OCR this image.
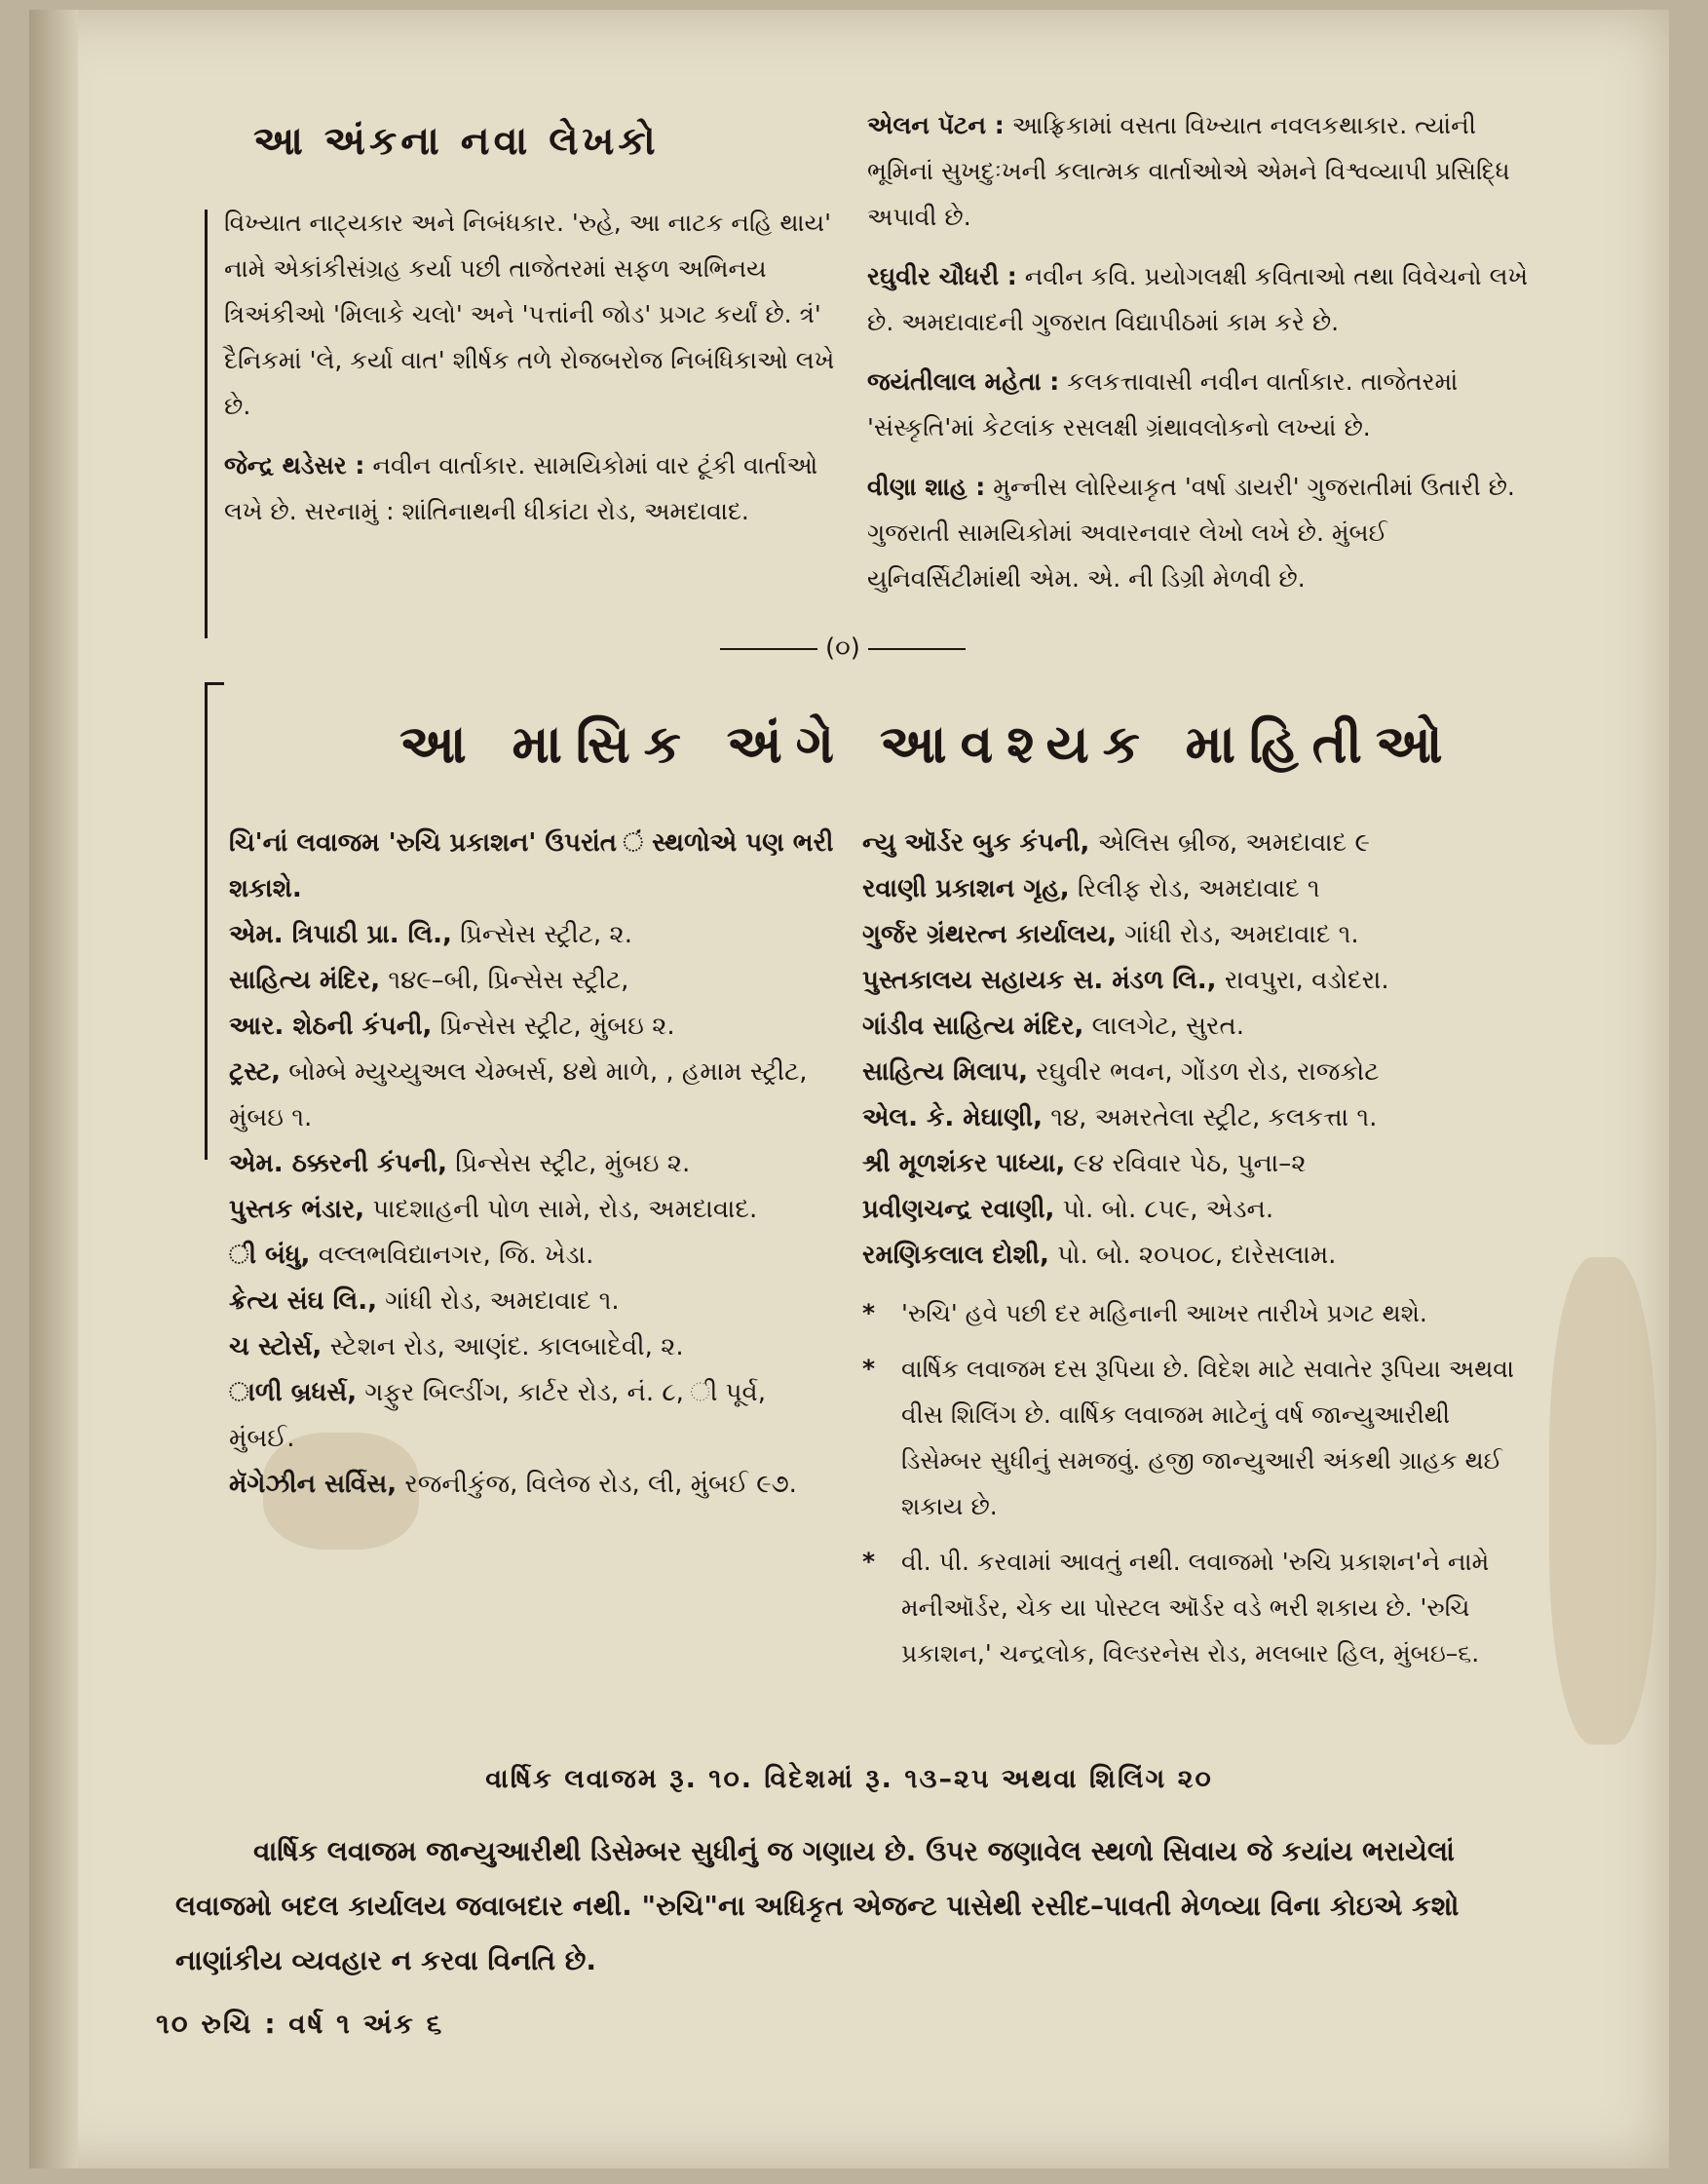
આ અંકના નવા લેખકો

વિખ્યાત નાટ્યકાર અને નિબંધકાર. 'રુહે, આ નાટક નહિ થાય' નામે એકાંકીસંગ્રહ કર્યા પછી તાજેતરમાં સફળ અભિનય ત્રિઅંકીઓ 'મિલાકે ચલો' અને 'પત્તાંની જોડ' પ્રગટ કર્યાં છે. ત્રં' દૈનિકમાં 'લે, કર્યા વાત' શીર્ષક તળે રોજબરોજ નિબંધિકાઓ લખે છે.

જેન્દ્ર થડેસર : નવીન વાર્તાકાર. સામયિકોમાં વાર ટૂંકી વાર્તાઓ લખે છે. સરનામું : શાંતિનાથની ધીકાંટા રોડ, અમદાવાદ.

એલન પૅટન : આફ્રિકામાં વસતા વિખ્યાત નવલકથાકાર. ત્યાંની ભૂમિનાં સુખદુઃખની કલાત્મક વાર્તાઓએ એમને વિશ્વવ્યાપી પ્રસિદ્ધિ અપાવી છે.

રઘુવીર ચૌધરી : નવીન કવિ. પ્રયોગલક્ષી કવિતાઓ તથા વિવેચનો લખે છે. અમદાવાદની ગુજરાત વિદ્યાપીઠમાં કામ કરે છે.

જયંતીલાલ મહેતા : કલકત્તાવાસી નવીન વાર્તાકાર. તાજેતરમાં 'સંસ્કૃતિ'માં કેટલાંક રસલક્ષી ગ્રંથાવલોકનો લખ્યાં છે.

વીણા શાહ : મુન્નીસ લોરિયાકૃત 'વર્ષા ડાયરી' ગુજરાતીમાં ઉતારી છે. ગુજરાતી સામયિકોમાં અવારનવાર લેખો લખે છે. મુંબઈ યુનિવર્સિટીમાંથી એમ. એ. ની ડિગ્રી મેળવી છે.

(૦)
આ માસિક અંગે આવશ્યક માહિતીઓ

ચિ'નાં લવાજમ 'રુચિ પ્રકાશન' ઉપરાંત ં સ્થળોએ પણ ભરી શકાશે.

એમ. ત્રિપાઠી પ્રા. લિ., પ્રિન્સેસ સ્ટ્રીટ, ૨.

સાહિત્ય મંદિર, ૧૪૯–બી, પ્રિન્સેસ સ્ટ્રીટ,

આર. શેઠની કંપની, પ્રિન્સેસ સ્ટ્રીટ, મુંબઇ ૨.

ટ્રસ્ટ, બોમ્બે મ્યુચ્યુઅલ ચેમ્બર્સ, ૪થે માળે, , હમામ સ્ટ્રીટ, મુંબઇ ૧.

એમ. ઠક્કરની કંપની, પ્રિન્સેસ સ્ટ્રીટ, મુંબઇ ૨.

પુસ્તક ભંડાર, પાદશાહની પોળ સામે, રોડ, અમદાવાદ.

ી બંધુ, વલ્લભવિદ્યાનગર, જિ. ખેડા.

ક્રેત્ય સંઘ લિ., ગાંધી રોડ, અમદાવાદ ૧.

ચ સ્ટોર્સ, સ્ટેશન રોડ, આણંદ. કાલબાદેવી, ૨.

ાળી બ્રધર્સ, ગફુર બિલ્ડીંગ, કાર્ટર રોડ, નં. ૮, ી પૂર્વ, મુંબઈ.

મૅગેઝીન સર્વિસ, રજનીકુંજ, વિલેજ રોડ, લી, મુંબઈ ૯૭.

ન્યુ ઑર્ડર બુક કંપની, એલિસ બ્રીજ, અમદાવાદ ૯

રવાણી પ્રકાશન ગૃહ, રિલીફ રોડ, અમદાવાદ ૧

ગુર્જર ગ્રંથરત્ન કાર્યાલય, ગાંધી રોડ, અમદાવાદ ૧.

પુસ્તકાલય સહાયક સ. મંડળ લિ., રાવપુરા, વડોદરા.

ગાંડીવ સાહિત્ય મંદિર, લાલગેટ, સુરત.

સાહિત્ય મિલાપ, રઘુવીર ભવન, ગોંડળ રોડ, રાજકોટ

એલ. કે. મેઘાણી, ૧૪, અમરતેલા સ્ટ્રીટ, કલકત્તા ૧.

શ્રી મૂળશંકર પાધ્યા, ૯૪ રવિવાર પેઠ, પુના–૨

પ્રવીણચન્દ્ર રવાણી, પો. બો. ૮૫૯, એડન.

રમણિકલાલ દોશી, પો. બો. ૨૦૫૦૮, દારેસલામ.

*	'રુચિ' હવે પછી દર મહિનાની આખર તારીખે પ્રગટ થશે.
*	વાર્ષિક લવાજમ દસ રૂપિયા છે. વિદેશ માટે સવાતેર રૂપિયા અથવા વીસ શિલિંગ છે. વાર્ષિક લવાજમ માટેનું વર્ષ જાન્યુઆરીથી ડિસેમ્બર સુધીનું સમજવું. હજી જાન્યુઆરી અંકથી ગ્રાહક થઈ શકાય છે.
*	વી. પી. કરવામાં આવતું નથી. લવાજમો 'રુચિ પ્રકાશન'ને નામે મનીઑર્ડર, ચેક યા પોસ્ટલ ઑર્ડર વડે ભરી શકાય છે. 'રુચિ પ્રકાશન,' ચન્દ્રલોક, વિલ્ડરનેસ રોડ, મલબાર હિલ, મુંબઇ–૬.
વાર્ષિક લવાજમ રૂ. ૧૦. વિદેશમાં રૂ. ૧૩–૨૫ અથવા શિલિંગ ૨૦
વાર્ષિક લવાજમ જાન્યુઆરીથી ડિસેમ્બર સુધીનું જ ગણાય છે. ઉપર જણાવેલ સ્થળો સિવાય જે કયાંય ભરાયેલાં લવાજમો બદલ કાર્યાલય જવાબદાર નથી. "રુચિ"ના અધિકૃત એજન્ટ પાસેથી રસીદ–પાવતી મેળવ્યા વિના કોઇએ કશો નાણાંકીય વ્યવહાર ન કરવા વિનતિ છે.
૧૦ રુચિ : વર્ષ ૧ અંક ૬
